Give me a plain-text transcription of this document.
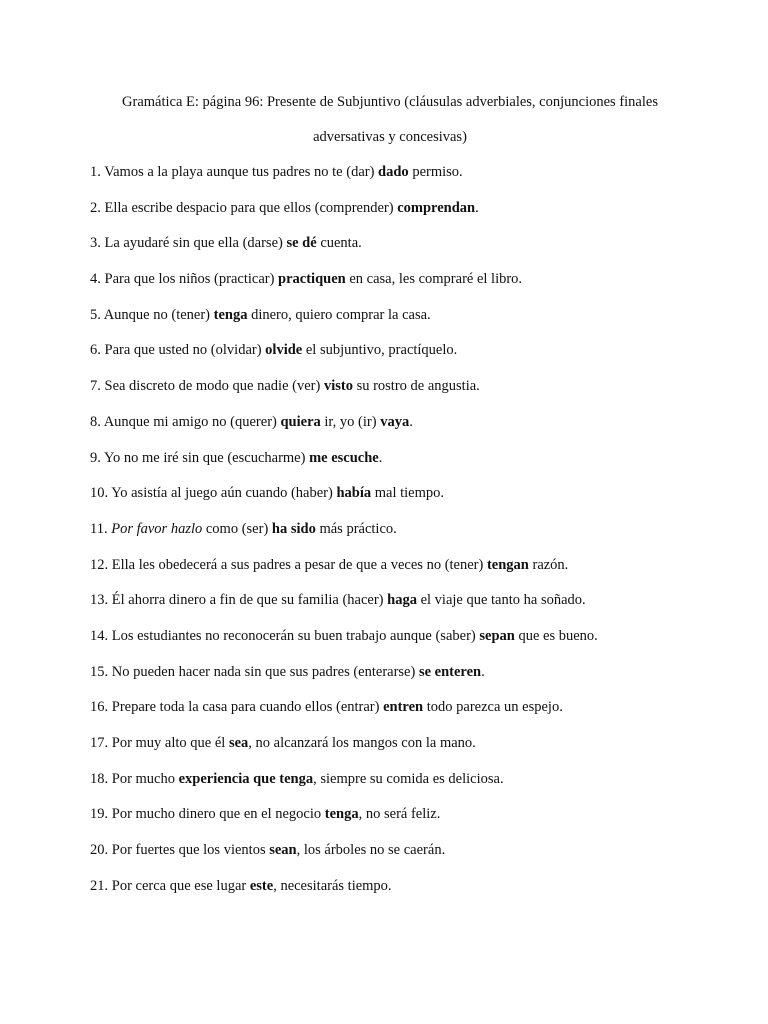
Gramática E: página 96: Presente de Subjuntivo (cláusulas adverbiales, conjunciones finales
adversativas y concesivas)
1. Vamos a la playa aunque tus padres no te (dar) dado permiso.
2. Ella escribe despacio para que ellos (comprender) comprendan.
3. La ayudaré sin que ella (darse) se dé cuenta.
4. Para que los niños (practicar) practiquen en casa, les compraré el libro.
5. Aunque no (tener) tenga dinero, quiero comprar la casa.
6. Para que usted no (olvidar) olvide el subjuntivo, practíquelo.
7. Sea discreto de modo que nadie (ver) visto su rostro de angustia.
8. Aunque mi amigo no (querer) quiera ir, yo (ir) vaya.
9. Yo no me iré sin que (escucharme) me escuche.
10. Yo asistía al juego aún cuando (haber) había mal tiempo.
11. Por favor hazlo como (ser) ha sido más práctico.
12. Ella les obedecerá a sus padres a pesar de que a veces no (tener) tengan razón.
13. Él ahorra dinero a fin de que su familia (hacer) haga el viaje que tanto ha soñado.
14. Los estudiantes no reconocerán su buen trabajo aunque (saber) sepan que es bueno.
15. No pueden hacer nada sin que sus padres (enterarse) se enteren.
16. Prepare toda la casa para cuando ellos (entrar) entren todo parezca un espejo.
17. Por muy alto que él sea, no alcanzará los mangos con la mano.
18. Por mucho experiencia que tenga, siempre su comida es deliciosa.
19. Por mucho dinero que en el negocio tenga, no será feliz.
20. Por fuertes que los vientos sean, los árboles no se caerán.
21. Por cerca que ese lugar este, necesitarás tiempo.
